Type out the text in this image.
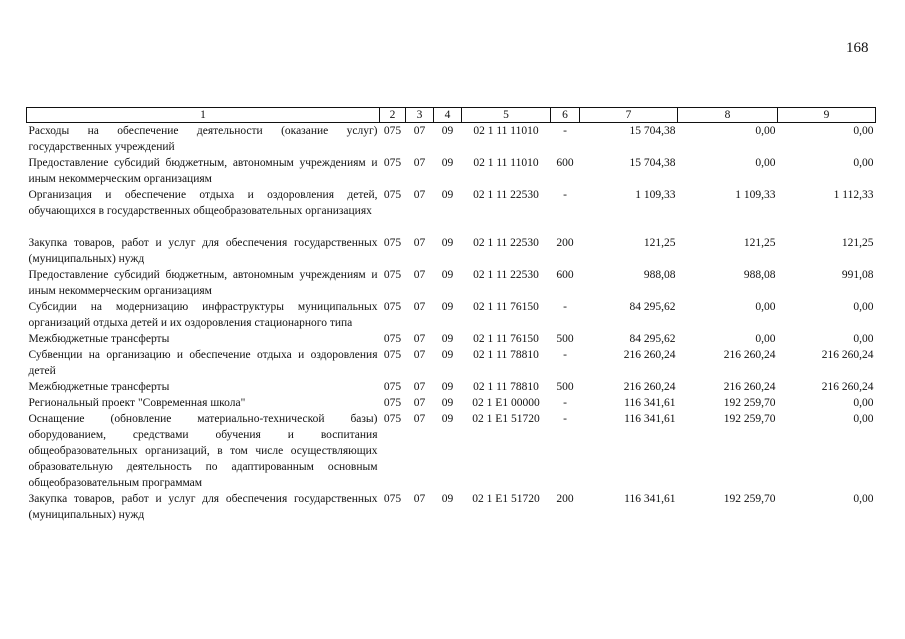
168
1	2	3	4	5	6	7	8	9
Расходы на обеспечение деятельности (оказание услуг) государственных учреждений	075	07	09	02 1 11 11010	-	15 704,38	0,00	0,00
Предоставление субсидий бюджетным, автономным учреждениям и иным некоммерческим организациям	075	07	09	02 1 11 11010	600	15 704,38	0,00	0,00
Организация и обеспечение отдыха и оздоровления детей, обучающихся в государственных общеобразовательных организациях	075	07	09	02 1 11 22530	-	1 109,33	1 109,33	1 112,33
Закупка товаров, работ и услуг для обеспечения государственных (муниципальных) нужд	075	07	09	02 1 11 22530	200	121,25	121,25	121,25
Предоставление субсидий бюджетным, автономным учреждениям и иным некоммерческим организациям	075	07	09	02 1 11 22530	600	988,08	988,08	991,08
Субсидии на модернизацию инфраструктуры муниципальных организаций отдыха детей и их оздоровления стационарного типа	075	07	09	02 1 11 76150	-	84 295,62	0,00	0,00
Межбюджетные трансферты	075	07	09	02 1 11 76150	500	84 295,62	0,00	0,00
Субвенции на организацию и обеспечение отдыха и оздоровления детей	075	07	09	02 1 11 78810	-	216 260,24	216 260,24	216 260,24
Межбюджетные трансферты	075	07	09	02 1 11 78810	500	216 260,24	216 260,24	216 260,24
Региональный проект "Современная школа"	075	07	09	02 1 E1 00000	-	116 341,61	192 259,70	0,00
Оснащение (обновление материально-технической базы) оборудованием, средствами обучения и воспитания общеобразовательных организаций, в том числе осуществляющих образовательную деятельность по адаптированным основным общеобразовательным программам	075	07	09	02 1 E1 51720	-	116 341,61	192 259,70	0,00
Закупка товаров, работ и услуг для обеспечения государственных (муниципальных) нужд	075	07	09	02 1 E1 51720	200	116 341,61	192 259,70	0,00
